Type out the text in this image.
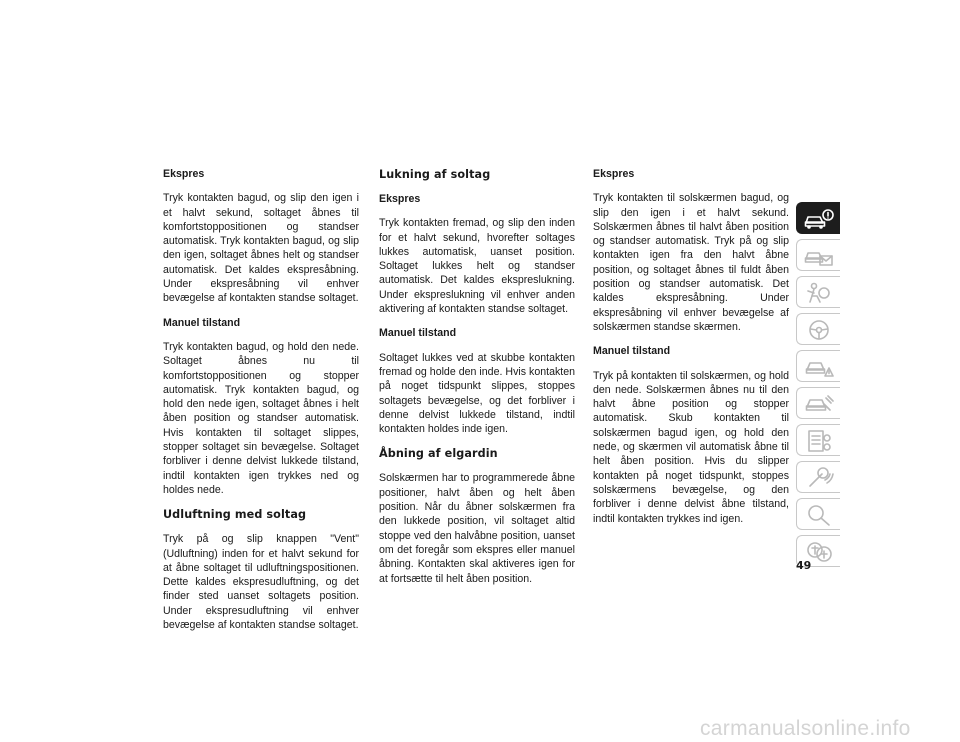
Ekspres

Tryk kontakten bagud, og slip den igen i et halvt sekund, soltaget åbnes til komfortstoppositionen og standser automatisk. Tryk kontakten bagud, og slip den igen, soltaget åbnes helt og standser automatisk. Det kaldes ekspresåbning. Under ekspresåbning vil enhver bevægelse af kontakten standse soltaget.

Manuel tilstand

Tryk kontakten bagud, og hold den nede. Soltaget åbnes nu til komfortstoppositionen og stopper automatisk. Tryk kontakten bagud, og hold den nede igen, soltaget åbnes i helt åben position og standser automatisk. Hvis kontakten til soltaget slippes, stopper soltaget sin bevægelse. Soltaget forbliver i denne delvist lukkede tilstand, indtil kontakten igen trykkes ned og holdes nede.

Udluftning med soltag

Tryk på og slip knappen "Vent" (Udluftning) inden for et halvt sekund for at åbne soltaget til udluftningspositionen. Dette kaldes ekspresudluftning, og det finder sted uanset soltagets position. Under ekspresudluftning vil enhver bevægelse af kontakten standse soltaget.

Lukning af soltag
Ekspres

Tryk kontakten fremad, og slip den inden for et halvt sekund, hvorefter soltages lukkes automatisk, uanset position. Soltaget lukkes helt og standser automatisk. Det kaldes ekspreslukning. Under ekspreslukning vil enhver anden aktivering af kontakten standse soltaget.

Manuel tilstand

Soltaget lukkes ved at skubbe kontakten fremad og holde den inde. Hvis kontakten på noget tidspunkt slippes, stoppes soltagets bevægelse, og det forbliver i denne delvist lukkede tilstand, indtil kontakten holdes inde igen.

Åbning af elgardin

Solskærmen har to programmerede åbne positioner, halvt åben og helt åben position. Når du åbner solskærmen fra den lukkede position, vil soltaget altid stoppe ved den halvåbne position, uanset om det foregår som ekspres eller manuel åbning. Kontakten skal aktiveres igen for at fortsætte til helt åben position.

Ekspres

Tryk kontakten til solskærmen bagud, og slip den igen i et halvt sekund. Solskærmen åbnes til halvt åben position og standser automatisk. Tryk på og slip kontakten igen fra den halvt åbne position, og soltaget åbnes til fuldt åben position og standser automatisk. Det kaldes ekspresåbning. Under ekspresåbning vil enhver bevægelse af solskærmen standse skærmen.

Manuel tilstand

Tryk på kontakten til solskærmen, og hold den nede. Solskærmen åbnes nu til den halvt åbne position og stopper automatisk. Skub kontakten til solskærmen bagud igen, og hold den nede, og skærmen vil automatisk åbne til helt åben position. Hvis du slipper kontakten på noget tidspunkt, stoppes solskærmens bevægelse, og den forbliver i denne delvist åbne tilstand, indtil kontakten trykkes ind igen.

49
carmanualsonline.info
